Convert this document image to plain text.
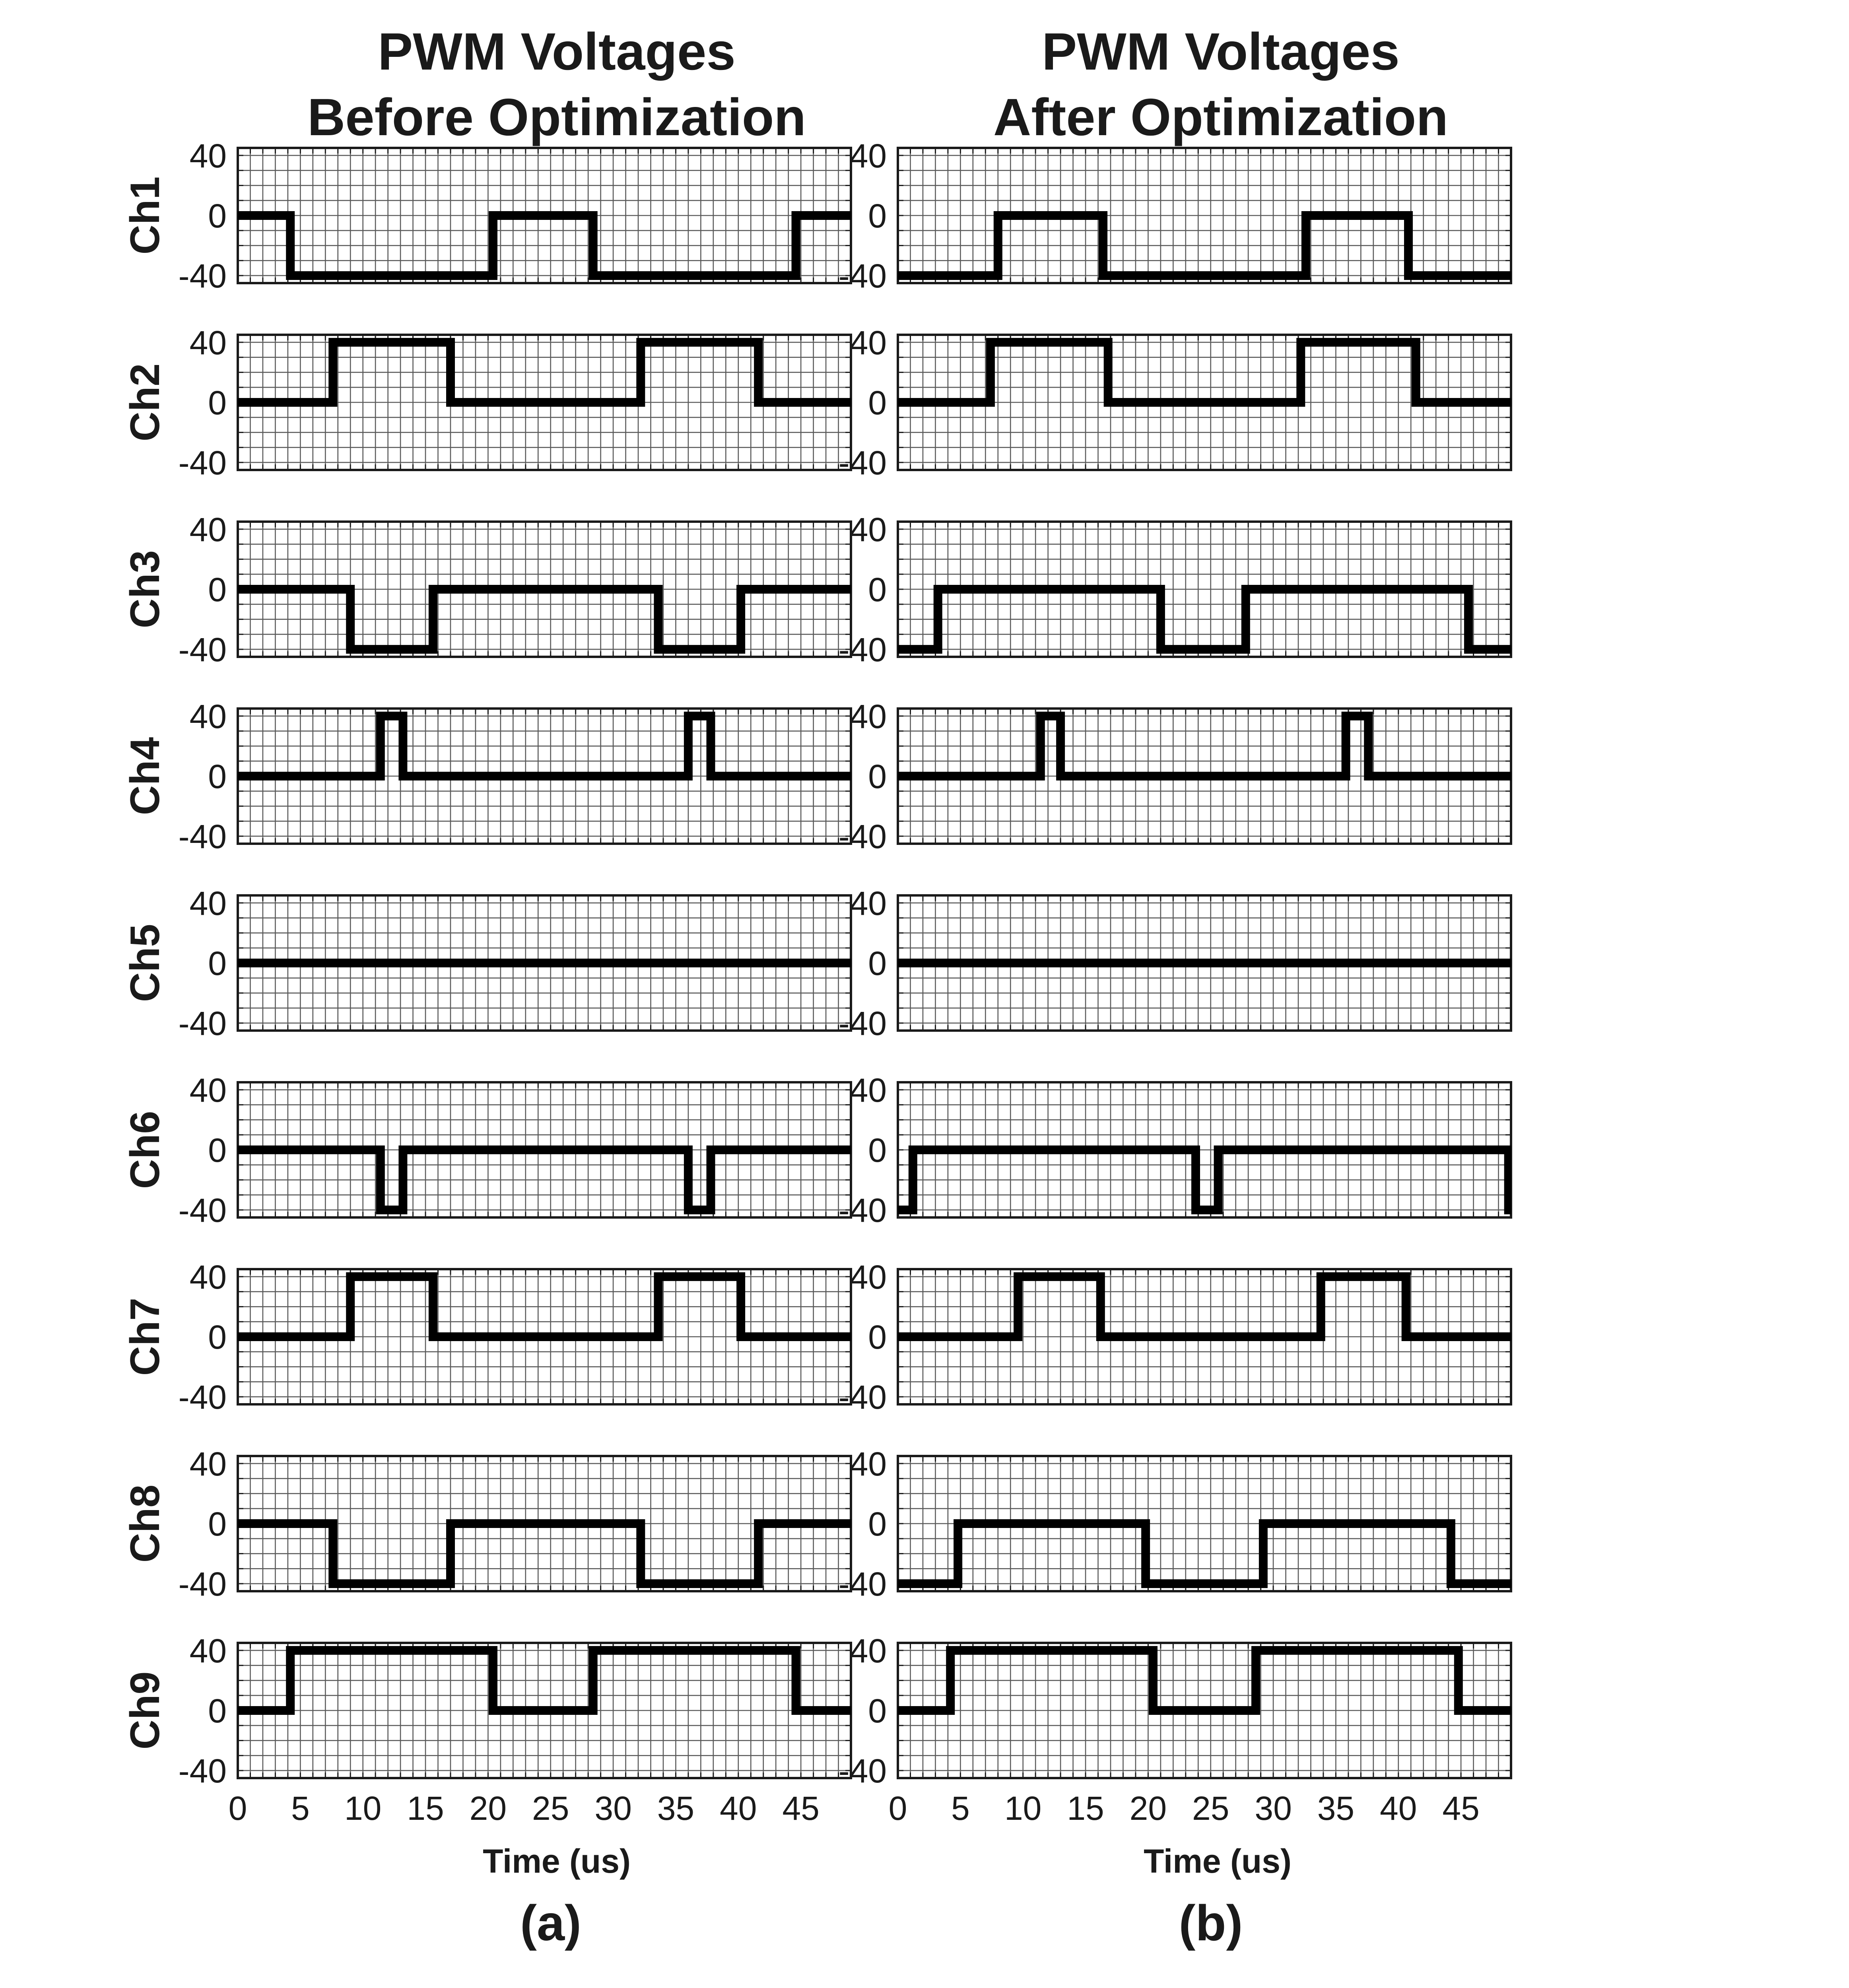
PWM Voltages
Before Optimization
PWM Voltages
After Optimization
-40
0
40
Ch1
-40
0
40
Ch2
-40
0
40
Ch3
-40
0
40
Ch4
-40
0
40
Ch5
-40
0
40
Ch6
-40
0
40
Ch7
-40
0
40
Ch8
-40
0
40
Ch9
0 5 10 15 20 25 30 35 40 45
-40
0
40
-40
0
40
-40
0
40
-40
0
40
-40
0
40
-40
0
40
-40
0
40
-40
0
40
-40
0
40
0 5 10 15 20 25 30 35 40 45
Time (us)	Time (us)
(a)	(b)
